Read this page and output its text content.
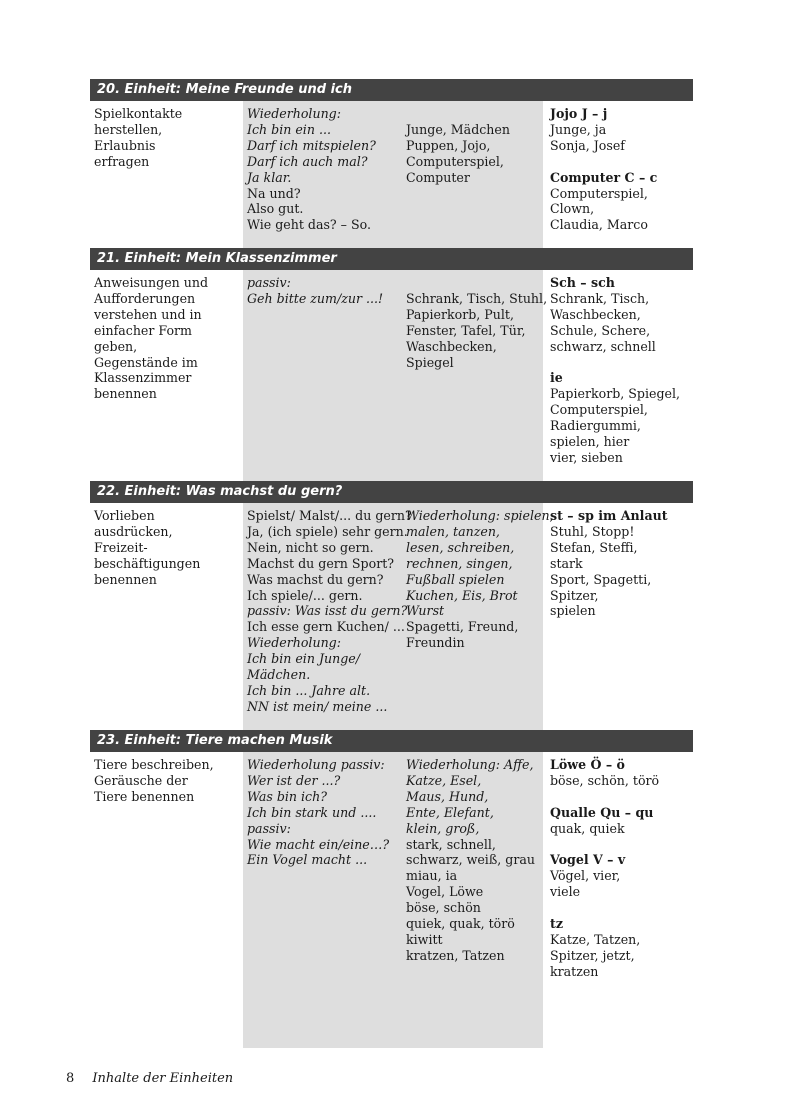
20. Einheit: Meine Freunde und ich
Spielkontakte
herstellen,
Erlaubnis
erfragen
Wiederholung:
Ich bin ein ...
Darf ich mitspielen?
Darf ich auch mal?
Ja klar.
Na und?
Also gut.
Wie geht das? – So.
Junge, Mädchen
Puppen, Jojo,
Computerspiel,
Computer
Jojo J – j
Junge, ja
Sonja, Josef
Computer C – c
Computerspiel,
Clown,
Claudia, Marco
21. Einheit: Mein Klassenzimmer
Anweisungen und
Aufforderungen
verstehen und in
einfacher Form
geben,
Gegenstände im
Klassenzimmer
benennen
passiv:
Geh bitte zum/zur ...!	Schrank, Tisch, Stuhl,
Papierkorb, Pult,
Fenster, Tafel, Tür,
Waschbecken,
Spiegel
Sch – sch
Schrank, Tisch,
Waschbecken,
Schule, Schere,
schwarz, schnell
ie
Papierkorb, Spiegel,
Computerspiel,
Radiergummi,
spielen, hier
vier, sieben
22. Einheit: Was machst du gern?
Vorlieben
ausdrücken,
Freizeit-
beschäftigungen
benennen
Spielst/ Malst/... du gern?
Ja, (ich spiele) sehr gern.
Nein, nicht so gern.
Machst du gern Sport?
Was machst du gern?
Ich spiele/... gern.
passiv: Was isst du gern?
Ich esse gern Kuchen/ ...
Wiederholung:
Ich bin ein Junge/
Mädchen.
Ich bin ... Jahre alt.
NN ist mein/ meine ...
Wiederholung: spielen,
malen, tanzen,
lesen, schreiben,
rechnen, singen,
Fußball spielen
Kuchen, Eis, Brot
Wurst
Spagetti, Freund,
Freundin
st – sp im Anlaut
Stuhl, Stopp!
Stefan, Steffi,
stark
Sport, Spagetti,
Spitzer,
spielen
23. Einheit: Tiere machen Musik
Tiere beschreiben,
Geräusche der
Tiere benennen
Wiederholung passiv:
Wer ist der ...?
Was bin ich?
Ich bin stark und ....
passiv:
Wie macht ein/eine…?
Ein Vogel macht ...
Wiederholung: Affe,
Katze, Esel,
Maus, Hund,
Ente, Elefant,
klein, groß,
stark, schnell,
schwarz, weiß, grau
miau, ia
Vogel, Löwe
böse, schön
quiek, quak, törö
kiwitt
kratzen, Tatzen
Löwe Ö – ö
böse, schön, törö
Qualle Qu – qu
quak, quiek
Vogel V – v
Vögel, vier,
viele
tz
Katze, Tatzen,
Spitzer, jetzt,
kratzen
8 Inhalte der Einheiten
